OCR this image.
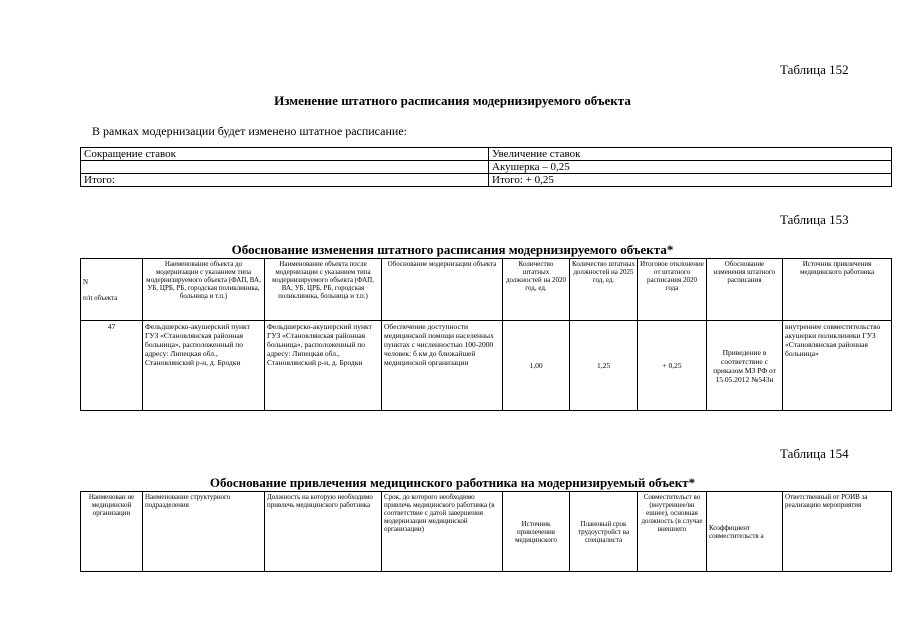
Таблица 152
Изменение штатного расписания модернизируемого объекта
В рамках модернизации будет изменено штатное расписание:
Сокращение ставок	Увеличение ставок
	Акушерка – 0,25
Итого:	Итого: + 0,25
Таблица 153
Обоснование изменения штатного расписания модернизируемого объекта*
N

п/п объекта	Наименование объекта до модернизации с указанием типа модернизируемого объекта (ФАП, ВА, УБ, ЦРБ, РБ, городская поликлиника, больница и т.п.)	Наименование объекта после модернизации с указанием типа модернизируемого объекта (ФАП, ВА, УБ, ЦРБ, РБ, городская поликлиника, больница и т.п.)	Обоснование модернизации объекта	Количество штатных должностей на 2020 год, ед.	Количество штатных должностей на 2025 год, ед.	Итоговое отклонение от штатного расписания 2020 года	Обоснование изменения штатного расписания	Источник привлечения медицинского работника
47	Фельдшерско-акушерский пункт ГУЗ «Становлянская районная больница», расположенный по адресу: Липецкая обл., Становлянский р-н, д. Бродки	Фельдшерско-акушерский пункт ГУЗ «Становлянская районная больница», расположенный по адресу: Липецкая обл., Становлянский р-н, д. Бродки	Обеспечение доступности медицинской помощи населенных пунктах с численностью 100-2000 человек: б км до ближайшей медицинской организации	1,00	1,25	+ 0,25	Приведение в соответствие с приказом МЗ РФ от 15.05.2012 №543н	внутреннее совместительство акушерки поликлиники ГУЗ «Становлянская районная больница»
Таблица 154
Обоснование привлечения медицинского работника на модернизируемый объект*
Наименован ие медицинской организации	Наименование структурного подразделения	Должность на которую необходимо привлечь медицинского работника	Срок, до которого необходимо привлечь медицинского работника (в соответствие с датой завершения модернизации медицинской организации)	Источник привлечения медицинского	Плановый срок трудоустройст ва специалиста	Совместительст во (внутреннее/вн ешнее), основная должность (в случае внешнего	Коэффициент совместительств а	Ответственный от РОИВ за реализацию мероприятия
